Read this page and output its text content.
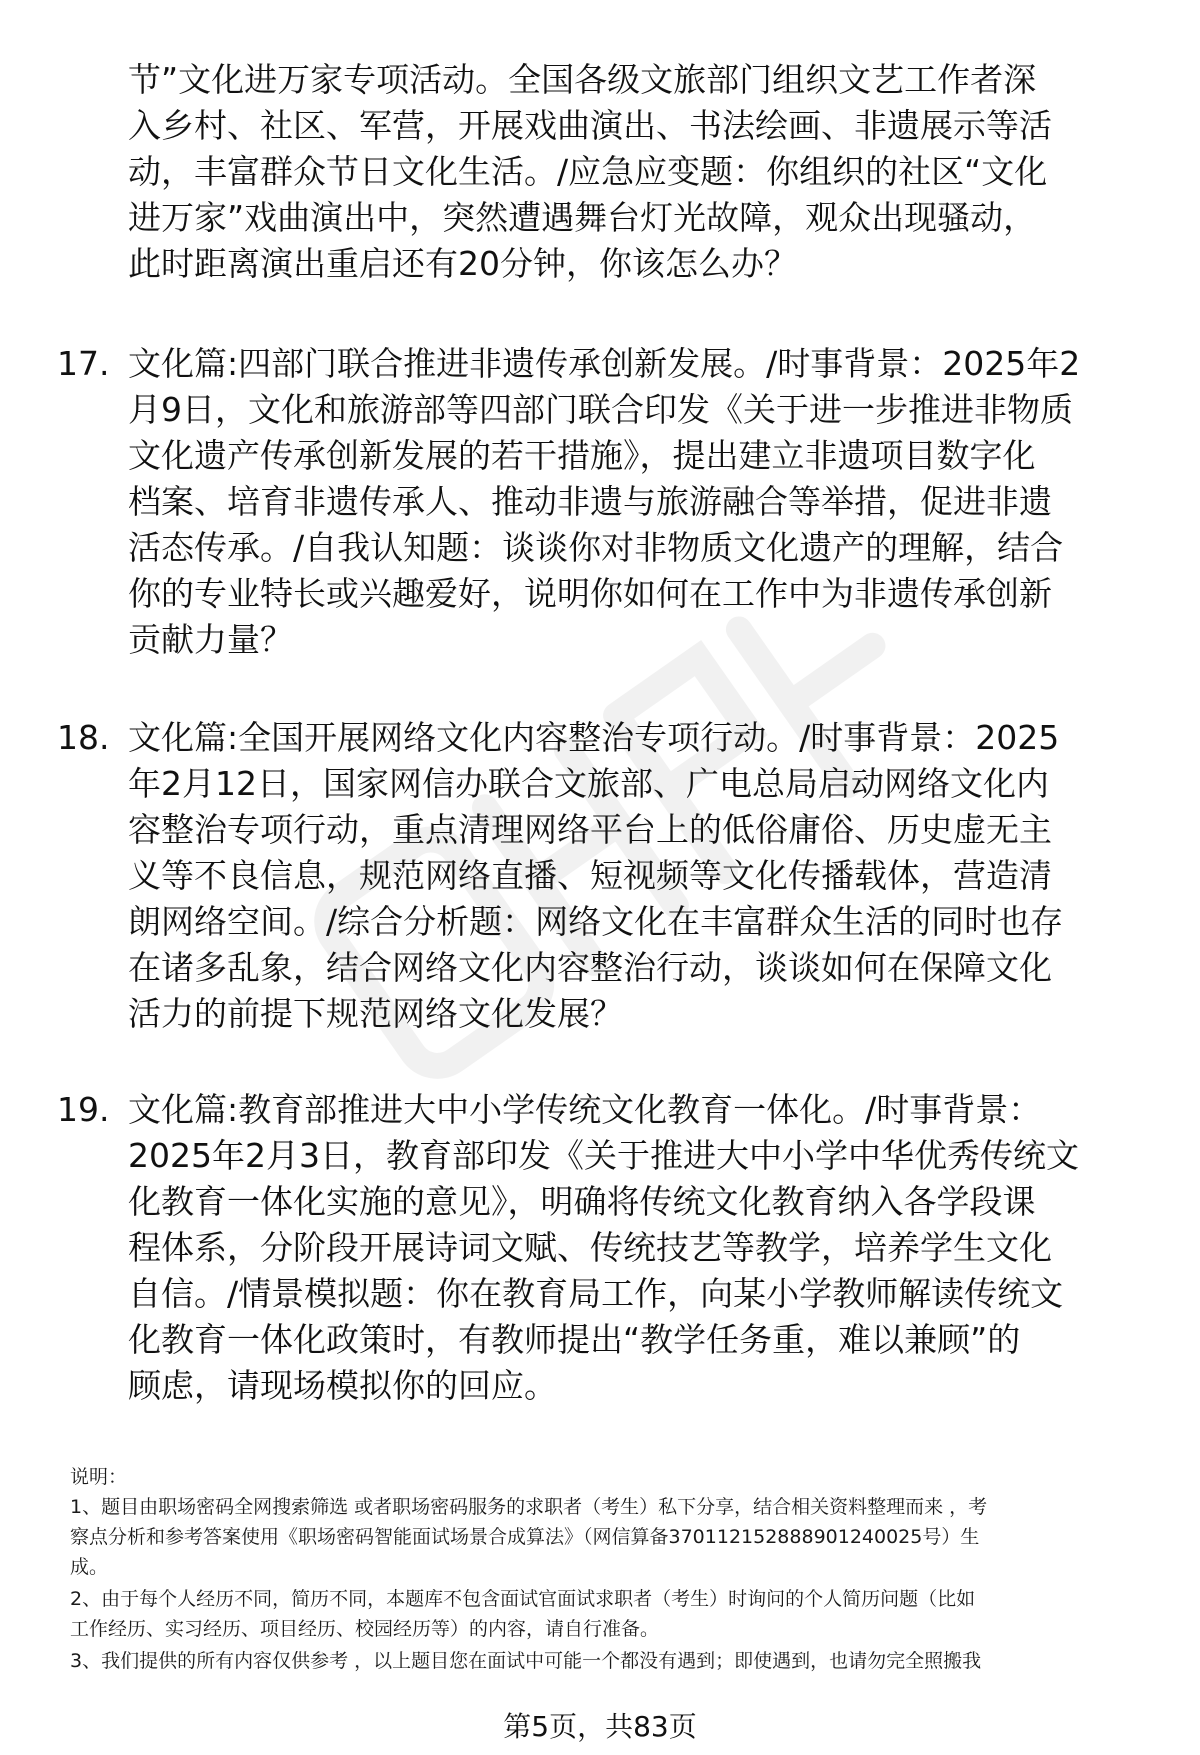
节”文化进万家专项活动。全国各级文旅部门组织文艺工作者深
入乡村、社区、军营，开展戏曲演出、书法绘画、非遗展示等活
动，丰富群众节日文化生活。/应急应变题：你组织的社区“文化
进万家”戏曲演出中，突然遭遇舞台灯光故障，观众出现骚动，
此时距离演出重启还有20分钟，你该怎么办？
17. 文化篇:四部门联合推进非遗传承创新发展。/时事背景：2025年2
月9日，文化和旅游部等四部门联合印发《关于进一步推进非物质
文化遗产传承创新发展的若干措施》，提出建立非遗项目数字化
档案、培育非遗传承人、推动非遗与旅游融合等举措，促进非遗
活态传承。/自我认知题：谈谈你对非物质文化遗产的理解，结合
你的专业特长或兴趣爱好，说明你如何在工作中为非遗传承创新
贡献力量？
18. 文化篇:全国开展网络文化内容整治专项行动。/时事背景：2025
年2月12日，国家网信办联合文旅部、广电总局启动网络文化内
容整治专项行动，重点清理网络平台上的低俗庸俗、历史虚无主
义等不良信息，规范网络直播、短视频等文化传播载体，营造清
朗网络空间。/综合分析题：网络文化在丰富群众生活的同时也存
在诸多乱象，结合网络文化内容整治行动，谈谈如何在保障文化
活力的前提下规范网络文化发展？
19. 文化篇:教育部推进大中小学传统文化教育一体化。/时事背景：
2025年2月3日，教育部印发《关于推进大中小学中华优秀传统文
化教育一体化实施的意见》，明确将传统文化教育纳入各学段课
程体系，分阶段开展诗词文赋、传统技艺等教学，培养学生文化
自信。/情景模拟题：你在教育局工作，向某小学教师解读传统文
化教育一体化政策时，有教师提出“教学任务重，难以兼顾”的
顾虑，请现场模拟你的回应。
说明：
1、题目由职场密码全网搜索筛选 或者职场密码服务的求职者（考生）私下分享，结合相关资料整理而来 ，考
察点分析和参考答案使用《职场密码智能面试场景合成算法》（网信算备370112152888901240025号）生
成。
2、由于每个人经历不同，简历不同，本题库不包含面试官面试求职者（考生）时询问的个人简历问题（比如
工作经历、实习经历、项目经历、校园经历等）的内容，请自行准备。
3、我们提供的所有内容仅供参考 ，以上题目您在面试中可能一个都没有遇到；即使遇到，也请勿完全照搬我
第5页，共83页
